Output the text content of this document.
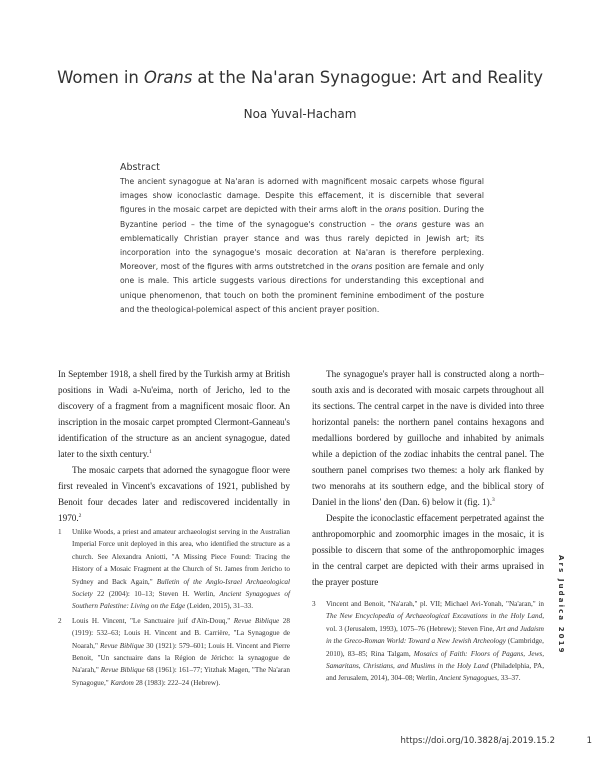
Women in Orans at the Na'aran Synagogue: Art and Reality
Noa Yuval-Hacham
Abstract

The ancient synagogue at Na'aran is adorned with magnificent mosaic carpets whose figural images show iconoclastic damage. Despite this effacement, it is discernible that several figures in the mosaic carpet are depicted with their arms aloft in the orans position. During the Byzantine period – the time of the synagogue's construction – the orans gesture was an emblematically Christian prayer stance and was thus rarely depicted in Jewish art; its incorporation into the synagogue's mosaic decoration at Na'aran is therefore perplexing. Moreover, most of the figures with arms outstretched in the orans position are female and only one is male. This article suggests various directions for understanding this exceptional and unique phenomenon, that touch on both the prominent feminine embodiment of the posture and the theological-polemical aspect of this ancient prayer position.

In September 1918, a shell fired by the Turkish army at British positions in Wadi a-Nu'eima, north of Jericho, led to the discovery of a fragment from a magnificent mosaic floor. An inscription in the mosaic carpet prompted Clermont-Ganneau's identification of the structure as an ancient synagogue, dated later to the sixth century.$^1$

The mosaic carpets that adorned the synagogue floor were first revealed in Vincent's excavations of 1921, published by Benoit four decades later and rediscovered incidentally in 1970.$^2$

The synagogue's prayer hall is constructed along a north–south axis and is decorated with mosaic carpets throughout all its sections. The central carpet in the nave is divided into three horizontal panels: the northern panel contains hexagons and medallions bordered by guilloche and inhabited by animals while a depiction of the zodiac inhabits the central panel. The southern panel comprises two themes: a holy ark flanked by two menorahs at its southern edge, and the biblical story of Daniel in the lions' den (Dan. 6) below it (fig. 1).$^3$

Despite the iconoclastic effacement perpetrated against the anthropomorphic and zoomorphic images in the mosaic, it is possible to discern that some of the anthropomorphic images in the central carpet are depicted with their arms upraised in the prayer posture

1	Unlike Woods, a priest and amateur archaeologist serving in the Australian Imperial Force unit deployed in this area, who identified the structure as a church. See Alexandra Aniotti, "A Missing Piece Found: Tracing the History of a Mosaic Fragment at the Church of St. James from Jericho to Sydney and Back Again," Bulletin of the Anglo-Israel Archaeological Society 22 (2004): 10–13; Steven H. Werlin, Ancient Synagogues of Southern Palestine: Living on the Edge (Leiden, 2015), 31–33.
2	Louis H. Vincent, "Le Sanctuaire juif d'Aïn-Douq," Revue Biblique 28 (1919): 532–63; Louis H. Vincent and B. Carrière, "La Synagogue de Noarah," Revue Biblique 30 (1921): 579–601; Louis H. Vincent and Pierre Benoit, "Un sanctuaire dans la Région de Jéricho: la synagogue de Na'arah," Revue Biblique 68 (1961): 161–77; Yitzhak Magen, "The Na'aran Synagogue," Kardom 28 (1983): 222–24 (Hebrew).
3	Vincent and Benoit, "Na'arah," pl. VII; Michael Avi-Yonah, "Na'aran," in The New Encyclopedia of Archaeological Excavations in the Holy Land, vol. 3 (Jerusalem, 1993), 1075–76 (Hebrew); Steven Fine, Art and Judaism in the Greco-Roman World: Toward a New Jewish Archeology (Cambridge, 2010), 83–85; Rina Talgam, Mosaics of Faith: Floors of Pagans, Jews, Samaritans, Christians, and Muslims in the Holy Land (Philadelphia, PA, and Jerusalem, 2014), 304–08; Werlin, Ancient Synagogues, 33–37.
Ars Judaica 2019
https://doi.org/10.3828/aj.2019.15.2	1
